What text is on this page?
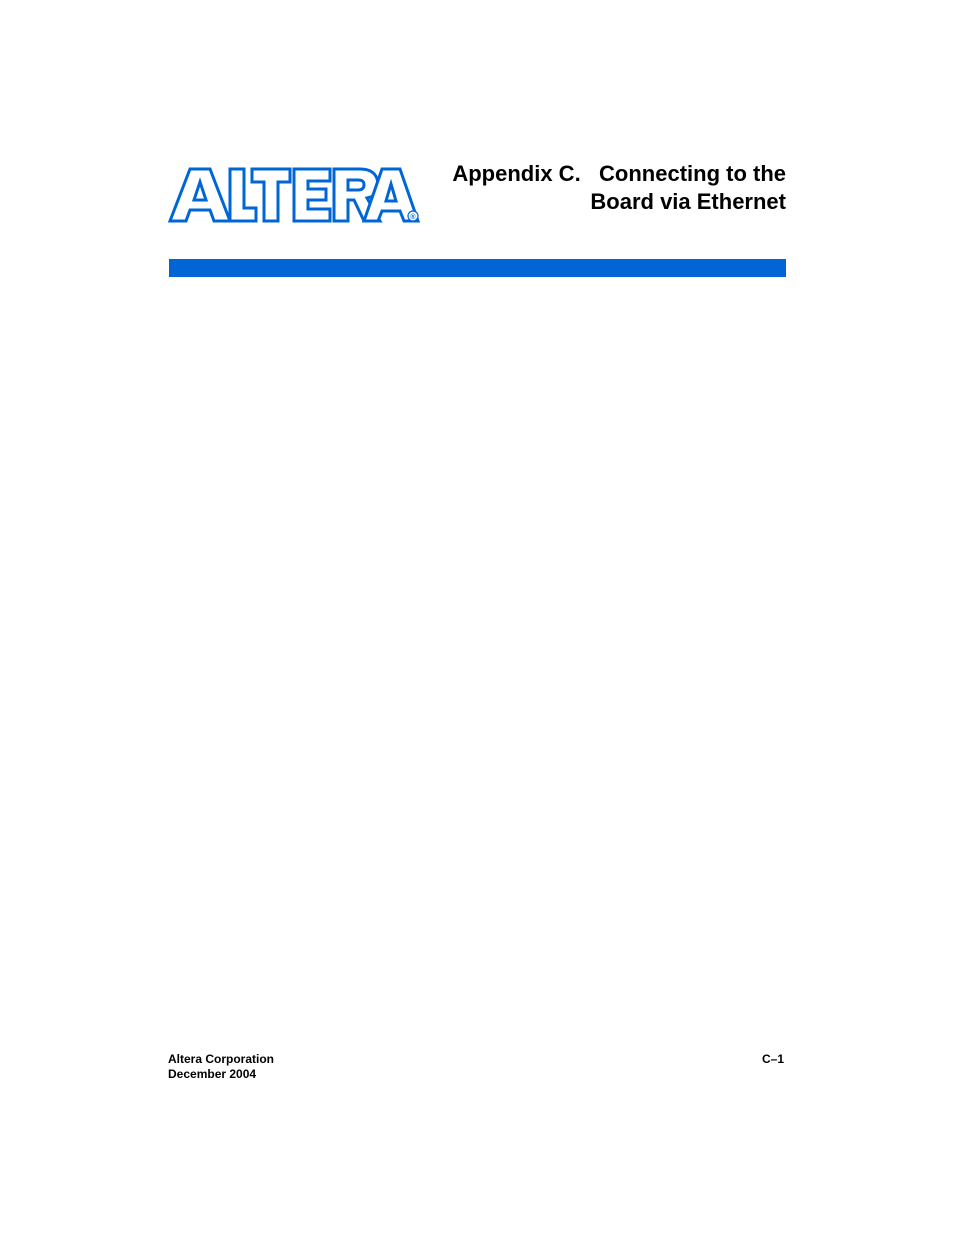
®
Appendix C.   Connecting to the
Board via Ethernet
Altera Corporation
December 2004
C–1
